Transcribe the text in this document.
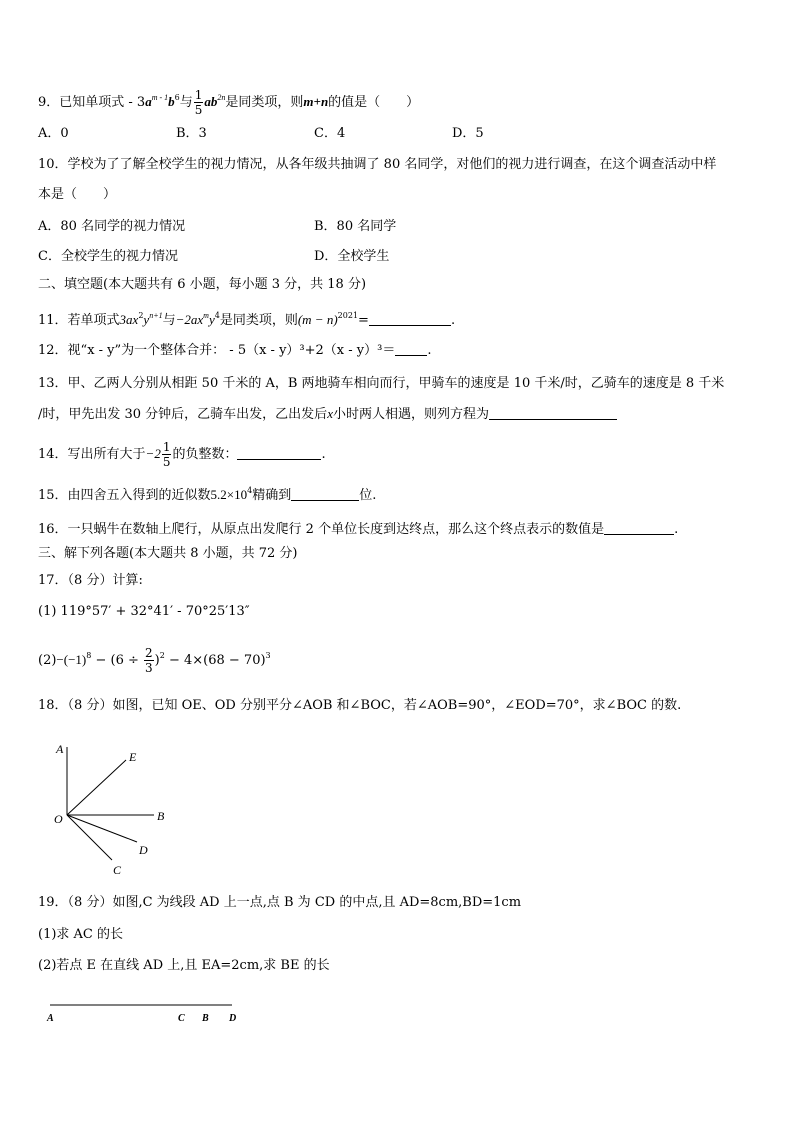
9．已知单项式 - $3a^{m - 1}b^6$与 $\frac{1}{5} ab^{2n}$是同类项，则m+n的值是（　　）
A．0	B．3	C．4	D．5
10．学校为了了解全校学生的视力情况，从各年级共抽调了 80 名同学，对他们的视力进行调查，在这个调查活动中样
本是（　　）
A．80 名同学的视力情况	B．80 名同学
C．全校学生的视力情况	D．全校学生
二、填空题(本大题共有 6 小题，每小题 3 分，共 18 分)
11．若单项式$3ax^2y^{n+1}$与$-2ax^my^4$是同类项，则$(m - n)^{2021}=$	.
12．视“x - y”为一个整体合并： - 5（x - y）³+2（x - y）³＝ .
13．甲、乙两人分别从相距 50 千米的 A，B 两地骑车相向而行，甲骑车的速度是 10 千米/时，乙骑车的速度是 8 千米
/时，甲先出发 30 分钟后，乙骑车出发，乙出发后x小时两人相遇，则列方程为
14．写出所有大于$-2 \frac{1}{5}$ 的负整数：	.
15．由四舍五入得到的近似数$5.2\times 10^4$精确到	位.
16．一只蜗牛在数轴上爬行，从原点出发爬行 2 个单位长度到达终点，那么这个终点表示的数值是	.
三、解下列各题(本大题共 8 小题，共 72 分)
17．（8 分）计算:
(1) 119°57′ + 32°41′ - 70°25′13″
$(2)-(-1)^8 - (6 \div \frac{2}{3} )^2 - 4\times(68 - 70)^3$
18．（8 分）如图，已知 OE、OD 分别平分∠AOB 和∠BOC，若∠AOB=90°，∠EOD=70°，求∠BOC 的数.
A
E
O	B
D
C
19．（8 分）如图,C 为线段 AD 上一点,点 B 为 CD 的中点,且 AD=8cm,BD=1cm
(1)求 AC 的长
(2)若点 E 在直线 AD 上,且 EA=2cm,求 BE 的长
A	C B D
